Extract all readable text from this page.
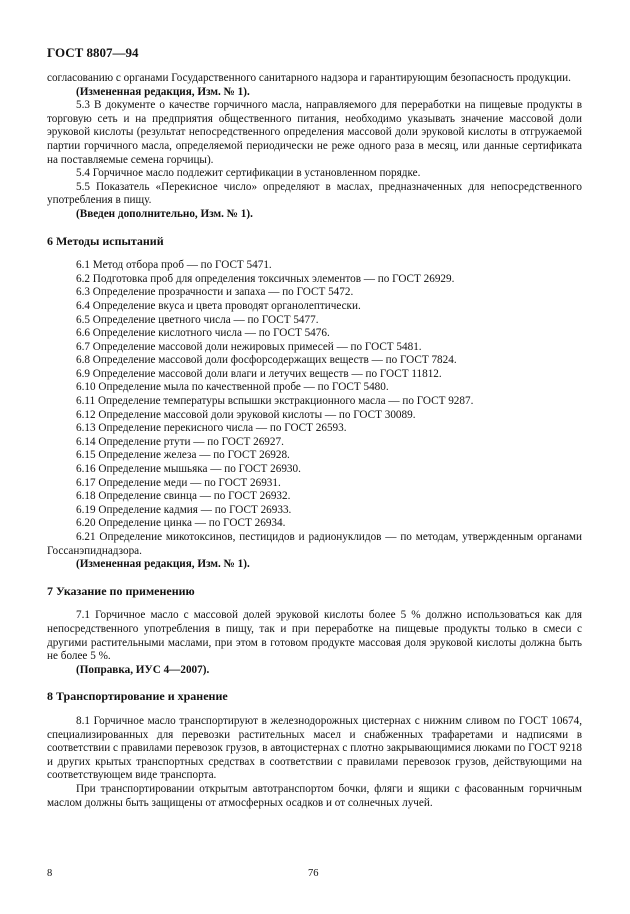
ГОСТ 8807—94

согласованию с органами Государственного санитарного надзора и гарантирующим безопасность продукции.

(Измененная редакция, Изм. № 1).

5.3 В документе о качестве горчичного масла, направляемого для переработки на пищевые продукты в торговую сеть и на предприятия общественного питания, необходимо указывать значение массовой доли эруковой кислоты (результат непосредственного определения массовой доли эруковой кислоты в отгружаемой партии горчичного масла, определяемой периодически не реже одного раза в месяц, или данные сертификата на поставляемые семена горчицы).

5.4 Горчичное масло подлежит сертификации в установленном порядке.

5.5 Показатель «Перекисное число» определяют в маслах, предназначенных для непосредственного употребления в пищу.

(Введен дополнительно, Изм. № 1).

6 Методы испытаний

6.1 Метод отбора проб — по ГОСТ 5471.

6.2 Подготовка проб для определения токсичных элементов — по ГОСТ 26929.

6.3 Определение прозрачности и запаха — по ГОСТ 5472.

6.4 Определение вкуса и цвета проводят органолептически.

6.5 Определение цветного числа — по ГОСТ 5477.

6.6 Определение кислотного числа — по ГОСТ 5476.

6.7 Определение массовой доли нежировых примесей — по ГОСТ 5481.

6.8 Определение массовой доли фосфорсодержащих веществ — по ГОСТ 7824.

6.9 Определение массовой доли влаги и летучих веществ — по ГОСТ 11812.

6.10 Определение мыла по качественной пробе — по ГОСТ 5480.

6.11 Определение температуры вспышки экстракционного масла — по ГОСТ 9287.

6.12 Определение массовой доли эруковой кислоты — по ГОСТ 30089.

6.13 Определение перекисного числа — по ГОСТ 26593.

6.14 Определение ртути — по ГОСТ 26927.

6.15 Определение железа — по ГОСТ 26928.

6.16 Определение мышьяка — по ГОСТ 26930.

6.17 Определение меди — по ГОСТ 26931.

6.18 Определение свинца — по ГОСТ 26932.

6.19 Определение кадмия — по ГОСТ 26933.

6.20 Определение цинка — по ГОСТ 26934.

6.21 Определение микотоксинов, пестицидов и радионуклидов — по методам, утвержденным органами Госсанэпиднадзора.

(Измененная редакция, Изм. № 1).

7 Указание по применению

7.1 Горчичное масло с массовой долей эруковой кислоты более 5 % должно использоваться как для непосредственного употребления в пищу, так и при переработке на пищевые продукты только в смеси с другими растительными маслами, при этом в готовом продукте массовая доля эруковой кислоты должна быть не более 5 %.

(Поправка, ИУС 4—2007).

8 Транспортирование и хранение

8.1 Горчичное масло транспортируют в железнодорожных цистернах с нижним сливом по ГОСТ 10674, специализированных для перевозки растительных масел и снабженных трафаретами и надписями в соответствии с правилами перевозок грузов, в автоцистернах с плотно закрывающимися люками по ГОСТ 9218 и других крытых транспортных средствах в соответствии с правилами перевозок грузов, действующими на соответствующем виде транспорта.

При транспортировании открытым автотранспортом бочки, фляги и ящики с фасованным горчичным маслом должны быть защищены от атмосферных осадков и от солнечных лучей.

8	76
